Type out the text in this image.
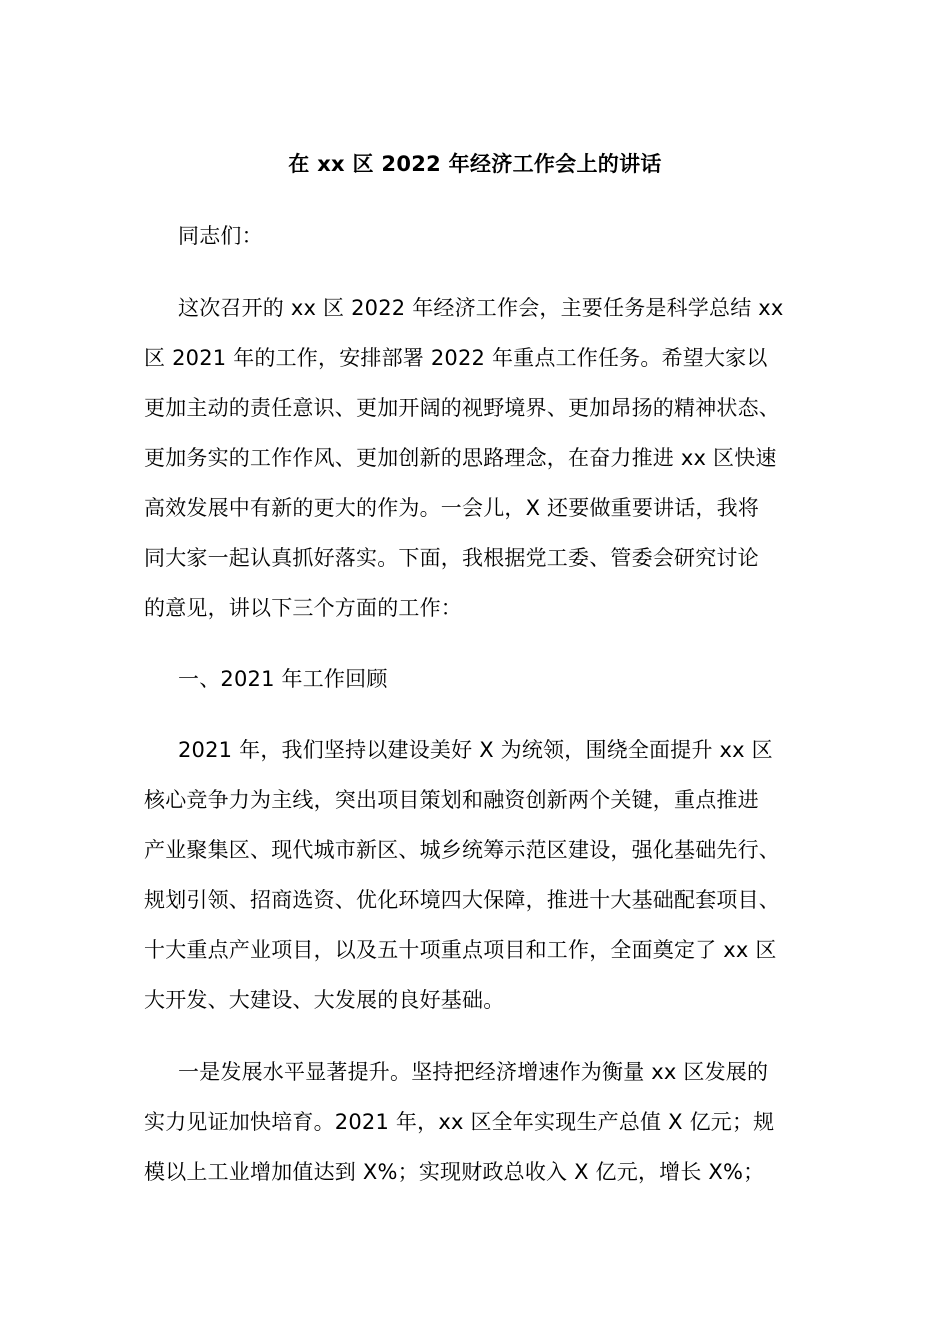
在 xx 区 2022 年经济工作会上的讲话
同志们：
这次召开的 xx 区 2022 年经济工作会，主要任务是科学总结 xx
区 2021 年的工作，安排部署 2022 年重点工作任务。希望大家以
更加主动的责任意识、更加开阔的视野境界、更加昂扬的精神状态、
更加务实的工作作风、更加创新的思路理念，在奋力推进 xx 区快速
高效发展中有新的更大的作为。一会儿，X 还要做重要讲话，我将
同大家一起认真抓好落实。下面，我根据党工委、管委会研究讨论
的意见，讲以下三个方面的工作：
一、2021 年工作回顾
2021 年，我们坚持以建设美好 X 为统领，围绕全面提升 xx 区
核心竞争力为主线，突出项目策划和融资创新两个关键，重点推进
产业聚集区、现代城市新区、城乡统筹示范区建设，强化基础先行、
规划引领、招商选资、优化环境四大保障，推进十大基础配套项目、
十大重点产业项目，以及五十项重点项目和工作，全面奠定了 xx 区
大开发、大建设、大发展的良好基础。
一是发展水平显著提升。坚持把经济增速作为衡量 xx 区发展的
实力见证加快培育。2021 年，xx 区全年实现生产总值 X 亿元；规
模以上工业增加值达到 X%；实现财政总收入 X 亿元，增长 X%；
